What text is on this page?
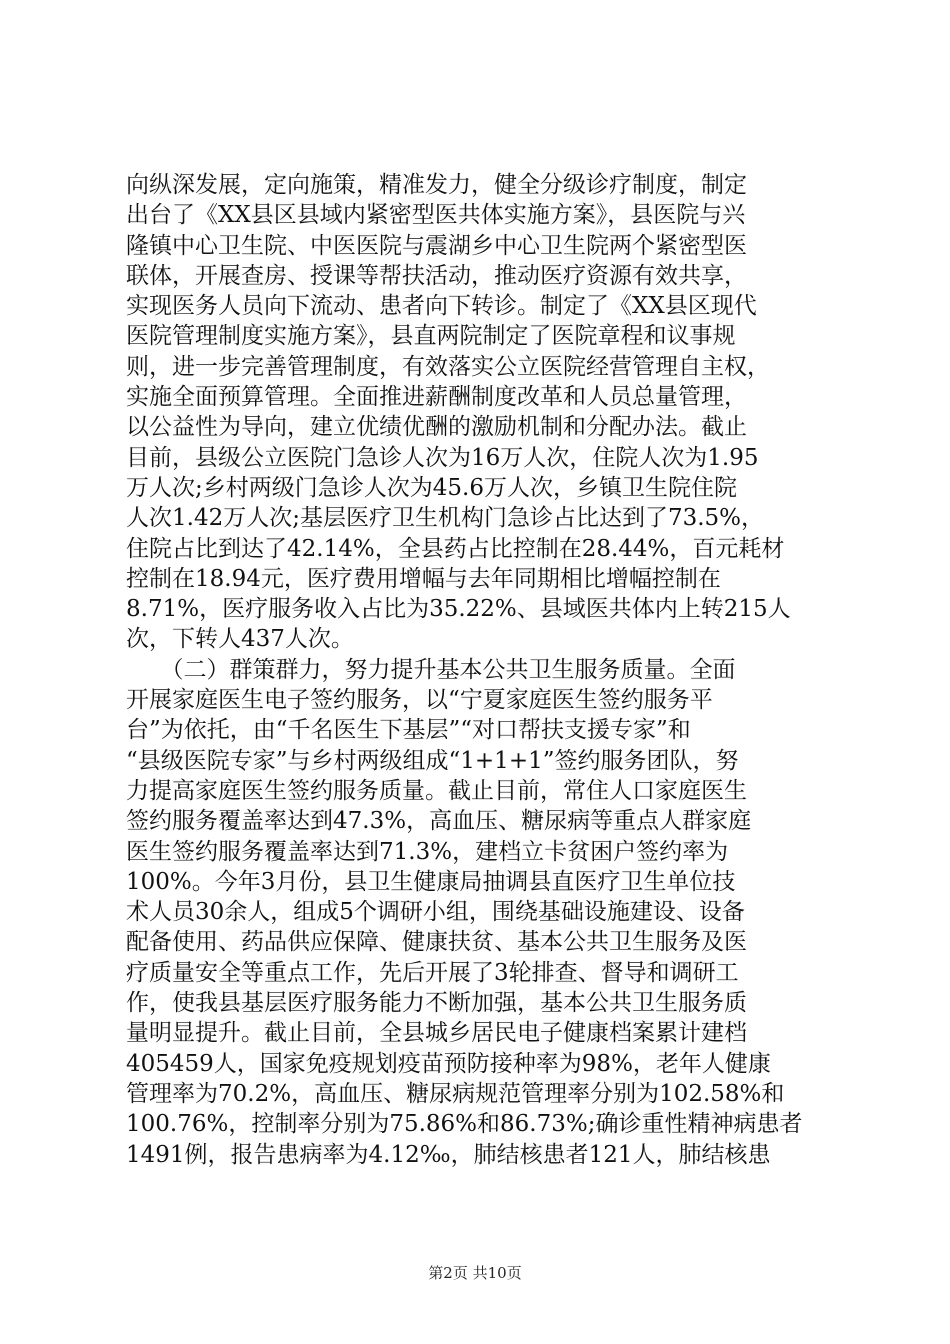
向纵深发展，定向施策，精准发力，健全分级诊疗制度，制定
出台了《XX县区县域内紧密型医共体实施方案》，县医院与兴
隆镇中心卫生院、中医医院与震湖乡中心卫生院两个紧密型医
联体，开展查房、授课等帮扶活动，推动医疗资源有效共享，
实现医务人员向下流动、患者向下转诊。制定了《XX县区现代
医院管理制度实施方案》，县直两院制定了医院章程和议事规
则，进一步完善管理制度，有效落实公立医院经营管理自主权，
实施全面预算管理。全面推进薪酬制度改革和人员总量管理，
以公益性为导向，建立优绩优酬的激励机制和分配办法。截止
目前，县级公立医院门急诊人次为16万人次，住院人次为1.95
万人次;乡村两级门急诊人次为45.6万人次，乡镇卫生院住院
人次1.42万人次;基层医疗卫生机构门急诊占比达到了73.5%，
住院占比到达了42.14%，全县药占比控制在28.44%，百元耗材
控制在18.94元，医疗费用增幅与去年同期相比增幅控制在
8.71%，医疗服务收入占比为35.22%、县域医共体内上转215人
次，下转人437人次。
　　（二）群策群力，努力提升基本公共卫生服务质量。全面
开展家庭医生电子签约服务，以“宁夏家庭医生签约服务平
台”为依托，由“千名医生下基层”“对口帮扶支援专家”和
“县级医院专家”与乡村两级组成“1+1+1”签约服务团队，努
力提高家庭医生签约服务质量。截止目前，常住人口家庭医生
签约服务覆盖率达到47.3%，高血压、糖尿病等重点人群家庭
医生签约服务覆盖率达到71.3%，建档立卡贫困户签约率为
100%。今年3月份，县卫生健康局抽调县直医疗卫生单位技
术人员30余人，组成5个调研小组，围绕基础设施建设、设备
配备使用、药品供应保障、健康扶贫、基本公共卫生服务及医
疗质量安全等重点工作，先后开展了3轮排查、督导和调研工
作，使我县基层医疗服务能力不断加强，基本公共卫生服务质
量明显提升。截止目前，全县城乡居民电子健康档案累计建档
405459人，国家免疫规划疫苗预防接种率为98%，老年人健康
管理率为70.2%，高血压、糖尿病规范管理率分别为102.58%和
100.76%，控制率分别为75.86%和86.73%;确诊重性精神病患者
1491例，报告患病率为4.12‰，肺结核患者121人，肺结核患
第2页 共10页
